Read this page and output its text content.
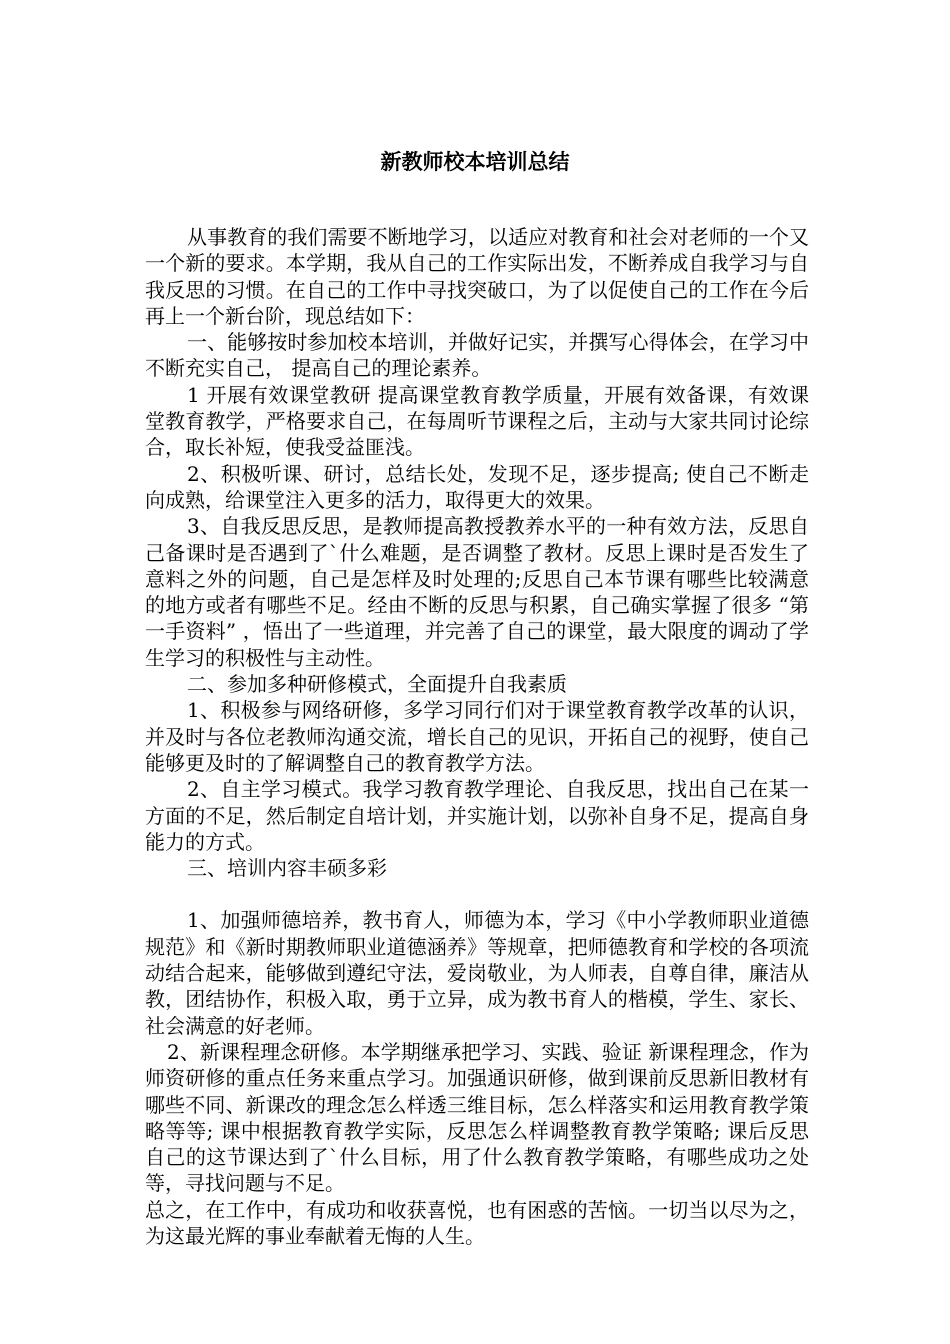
新教师校本培训总结

从事教育的我们需要不断地学习，以适应对教育和社会对老师的一个又一个新的要求。本学期，我从自己的工作实际出发，不断养成自我学习与自我反思的习惯。在自己的工作中寻找突破口，为了以促使自己的工作在今后再上一个新台阶，现总结如下：

一、能够按时参加校本培训，并做好记实，并撰写心得体会，在学习中不断充实自己， 提高自己的理论素养。

1 开展有效课堂教研 提高课堂教育教学质量，开展有效备课，有效课堂教育教学，严格要求自己，在每周听节课程之后，主动与大家共同讨论综合，取长补短，使我受益匪浅。

2、积极听课、研讨，总结长处，发现不足，逐步提高; 使自己不断走向成熟，给课堂注入更多的活力，取得更大的效果。

3、自我反思反思，是教师提高教授教养水平的一种有效方法，反思自己备课时是否遇到了`什么难题，是否调整了教材。反思上课时是否发生了意料之外的问题，自己是怎样及时处理的;反思自己本节课有哪些比较满意的地方或者有哪些不足。经由不断的反思与积累，自己确实掌握了很多 “第一手资料” ，悟出了一些道理，并完善了自己的课堂，最大限度的调动了学生学习的积极性与主动性。

二、参加多种研修模式，全面提升自我素质

1、积极参与网络研修，多学习同行们对于课堂教育教学改革的认识，并及时与各位老教师沟通交流，增长自己的见识，开拓自己的视野，使自己能够更及时的了解调整自己的教育教学方法。

2、自主学习模式。我学习教育教学理论、自我反思，找出自己在某一方面的不足，然后制定自培计划，并实施计划，以弥补自身不足，提高自身能力的方式。

三、培训内容丰硕多彩

1、加强师德培养，教书育人，师德为本，学习《中小学教师职业道德规范》和《新时期教师职业道德涵养》等规章，把师德教育和学校的各项流动结合起来，能够做到遵纪守法，爱岗敬业，为人师表，自尊自律，廉洁从教，团结协作，积极入取，勇于立异，成为教书育人的楷模，学生、家长、社会满意的好老师。

2、新课程理念研修。本学期继承把学习、实践、验证 新课程理念，作为师资研修的重点任务来重点学习。加强通识研修，做到课前反思新旧教材有哪些不同、新课改的理念怎么样透三维目标，怎么样落实和运用教育教学策略等等; 课中根据教育教学实际，反思怎么样调整教育教学策略; 课后反思自己的这节课达到了`什么目标，用了什么教育教学策略，有哪些成功之处等，寻找问题与不足。

总之，在工作中，有成功和收获喜悦，也有困惑的苦恼。一切当以尽为之，为这最光辉的事业奉献着无悔的人生。
